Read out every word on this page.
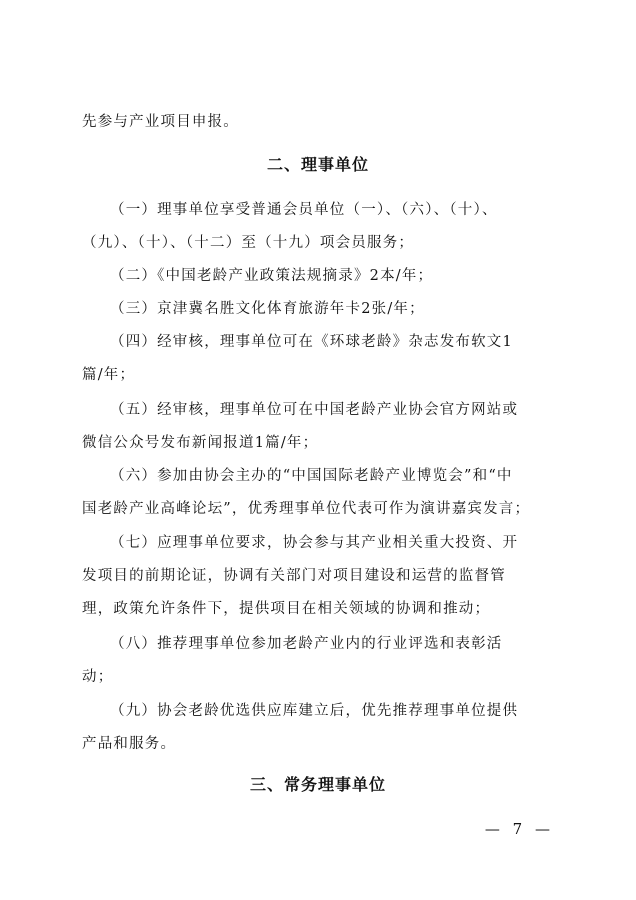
先参与产业项目申报。
二、理事单位
（一）理事单位享受普通会员单位（一）、（六）、（十）、
（九）、（十）、（十二）至（十九）项会员服务；
（二）《中国老龄产业政策法规摘录》2本/年；
（三）京津冀名胜文化体育旅游年卡2张/年；
（四）经审核，理事单位可在《环球老龄》杂志发布软文1
篇/年；
（五）经审核，理事单位可在中国老龄产业协会官方网站或
微信公众号发布新闻报道1篇/年；
（六）参加由协会主办的“中国国际老龄产业博览会”和“中
国老龄产业高峰论坛”，优秀理事单位代表可作为演讲嘉宾发言；
（七）应理事单位要求，协会参与其产业相关重大投资、开
发项目的前期论证，协调有关部门对项目建设和运营的监督管
理，政策允许条件下，提供项目在相关领域的协调和推动；
（八）推荐理事单位参加老龄产业内的行业评选和表彰活
动；
（九）协会老龄优选供应库建立后，优先推荐理事单位提供
产品和服务。
三、常务理事单位
— 7 —
